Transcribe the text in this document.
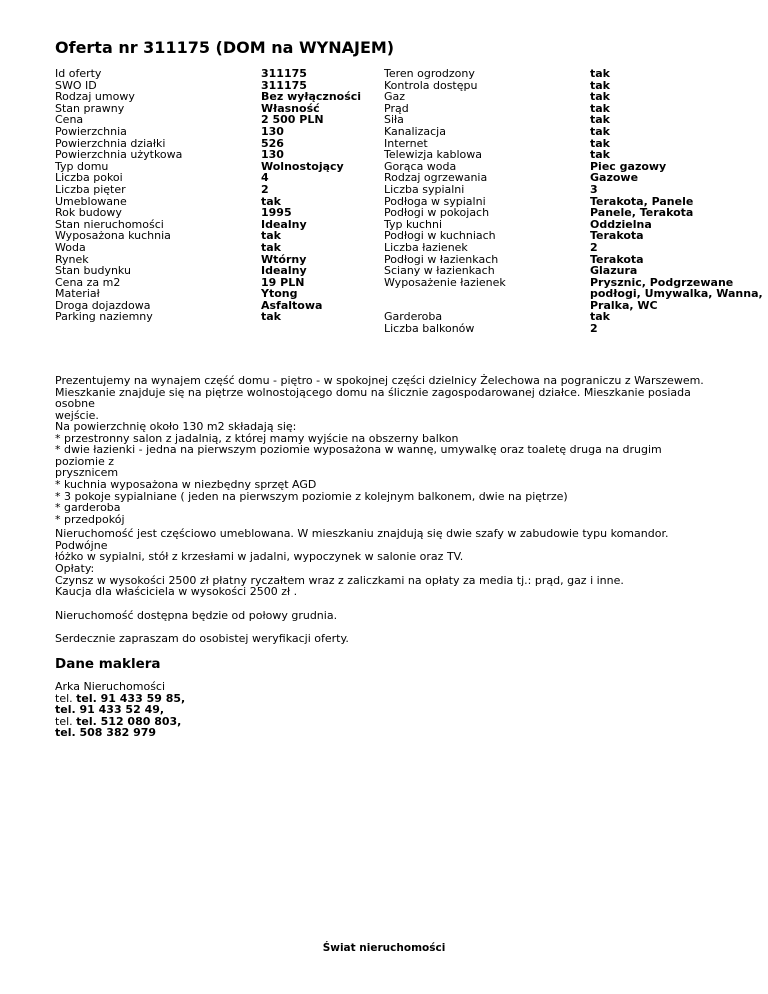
Oferta nr 311175 (DOM na WYNAJEM)
Id oferty
SWO ID
Rodzaj umowy
Stan prawny
Cena
Powierzchnia
Powierzchnia działki
Powierzchnia użytkowa
Typ domu
Liczba pokoi
Liczba pięter
Umeblowane
Rok budowy
Stan nieruchomości
Wyposażona kuchnia
Woda
Rynek
Stan budynku
Cena za m2
Materiał
Droga dojazdowa
Parking naziemny
311175
311175
Bez wyłączności
Własność
2 500 PLN
130
526
130
Wolnostojący
4
2
tak
1995
Idealny
tak
tak
Wtórny
Idealny
19 PLN
Ytong
Asfaltowa
tak
Teren ogrodzony
Kontrola dostępu
Gaz
Prąd
Siła
Kanalizacja
Internet
Telewizja kablowa
Gorąca woda
Rodzaj ogrzewania
Liczba sypialni
Podłoga w sypialni
Podłogi w pokojach
Typ kuchni
Podłogi w kuchniach
Liczba łazienek
Podłogi w łazienkach
Sciany w łazienkach
Wyposażenie łazienek
Garderoba
Liczba balkonów
tak
tak
tak
tak
tak
tak
tak
tak
Piec gazowy
Gazowe
3
Terakota, Panele
Panele, Terakota
Oddzielna
Terakota
2
Terakota
Glazura
Prysznic, Podgrzewane
podłogi, Umywalka, Wanna,
Pralka, WC
tak
2

Prezentujemy na wynajem część domu - piętro - w spokojnej części dzielnicy Żelechowa na pograniczu z Warszewem.
Mieszkanie znajduje się na piętrze wolnostojącego domu na ślicznie zagospodarowanej działce. Mieszkanie posiada osobne
wejście.

Na powierzchnię około 130 m2 składają się:
* przestronny salon z jadalnią, z której mamy wyjście na obszerny balkon
* dwie łazienki - jedna na pierwszym poziomie wyposażona w wannę, umywalkę oraz toaletę druga na drugim poziomie z
prysznicem
* kuchnia wyposażona w niezbędny sprzęt AGD
* 3 pokoje sypialniane ( jeden na pierwszym poziomie z kolejnym balkonem, dwie na piętrze)
* garderoba
* przedpokój

Nieruchomość jest częściowo umeblowana. W mieszkaniu znajdują się dwie szafy w zabudowie typu komandor. Podwójne
łóżko w sypialni, stół z krzesłami w jadalni, wypoczynek w salonie oraz TV.

Opłaty:
Czynsz w wysokości 2500 zł płatny ryczałtem wraz z zaliczkami na opłaty za media tj.: prąd, gaz i inne.
Kaucja dla właściciela w wysokości 2500 zł .

Nieruchomość dostępna będzie od połowy grudnia.

Serdecznie zapraszam do osobistej weryfikacji oferty.

Dane maklera
Arka Nieruchomości
tel. tel. 91 433 59 85,
tel. 91 433 52 49,
tel. tel. 512 080 803,
tel. 508 382 979
Świat nieruchomości
